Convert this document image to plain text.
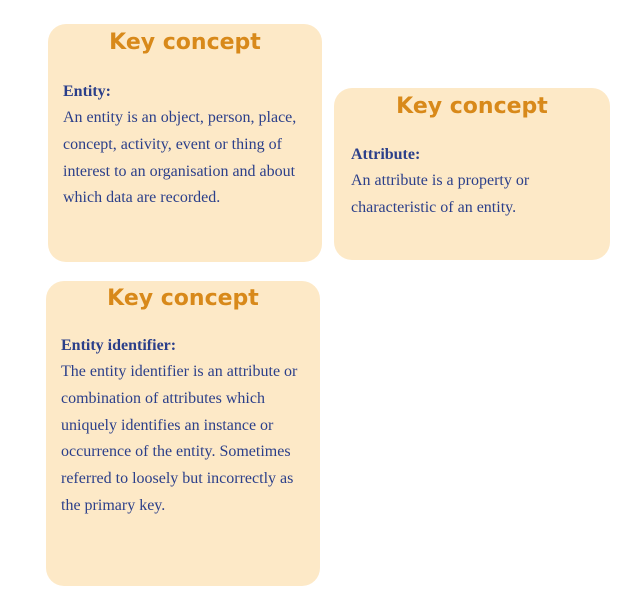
Key concept
Entity:
An entity is an object, person, place, concept, activity, event or thing of interest to an organisation and about which data are recorded.
Key concept
Attribute:
An attribute is a property or characteristic of an entity.
Key concept
Entity identifier:
The entity identifier is an attribute or combination of attributes which uniquely identifies an instance or occurrence of the entity. Sometimes referred to loosely but incorrectly as the primary key.
